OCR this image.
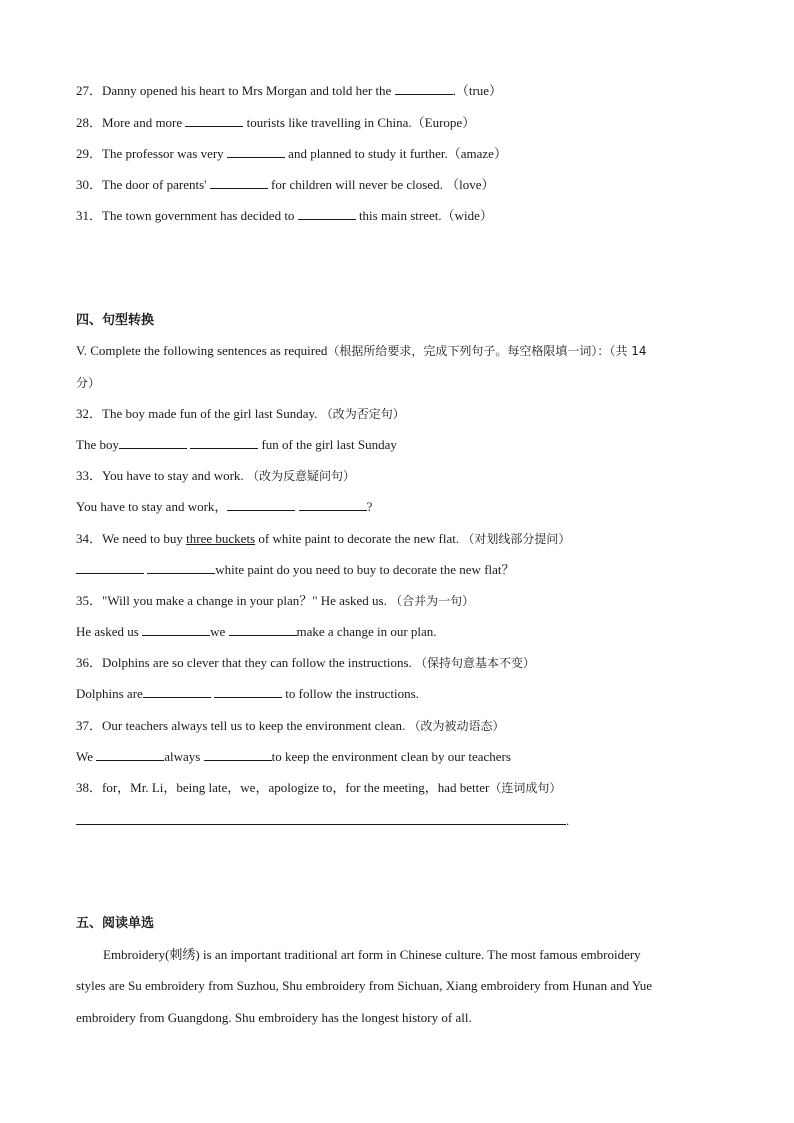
27．Danny opened his heart to Mrs Morgan and told her the	.（true）
28．More and more	tourists like travelling in China.（Europe）
29．The professor was very	and planned to study it further.（amaze）
30．The door of parents'	for children will never be closed. （love）
31．The town government has decided to	this main street.（wide）
四、句型转换
V. Complete the following sentences as required（根据所给要求，完成下列句子。每空格限填一词）：（共 14
分）
32．The boy made fun of the girl last Sunday. （改为否定句）
The boy	fun of the girl last Sunday
33．You have to stay and work. （改为反意疑问句）
You have to stay and work，	?
34．We need to buy three buckets of white paint to decorate the new flat. （对划线部分提问）
white paint do you need to buy to decorate the new flat？
35．"Will you make a change in your plan？" He asked us. （合并为一句）
He asked us	we	make a change in our plan.
36．Dolphins are so clever that they can follow the instructions. （保持句意基本不变）
Dolphins are	to follow the instructions.
37．Our teachers always tell us to keep the environment clean. （改为被动语态）
We	always	to keep the environment clean by our teachers
38．for，Mr. Li，being late，we，apologize to，for the meeting，had better（连词成句）
.
五、阅读单选
Embroidery(刺绣) is an important traditional art form in Chinese culture. The most famous embroidery
styles are Su embroidery from Suzhou, Shu embroidery from Sichuan, Xiang embroidery from Hunan and Yue
embroidery from Guangdong. Shu embroidery has the longest history of all.
